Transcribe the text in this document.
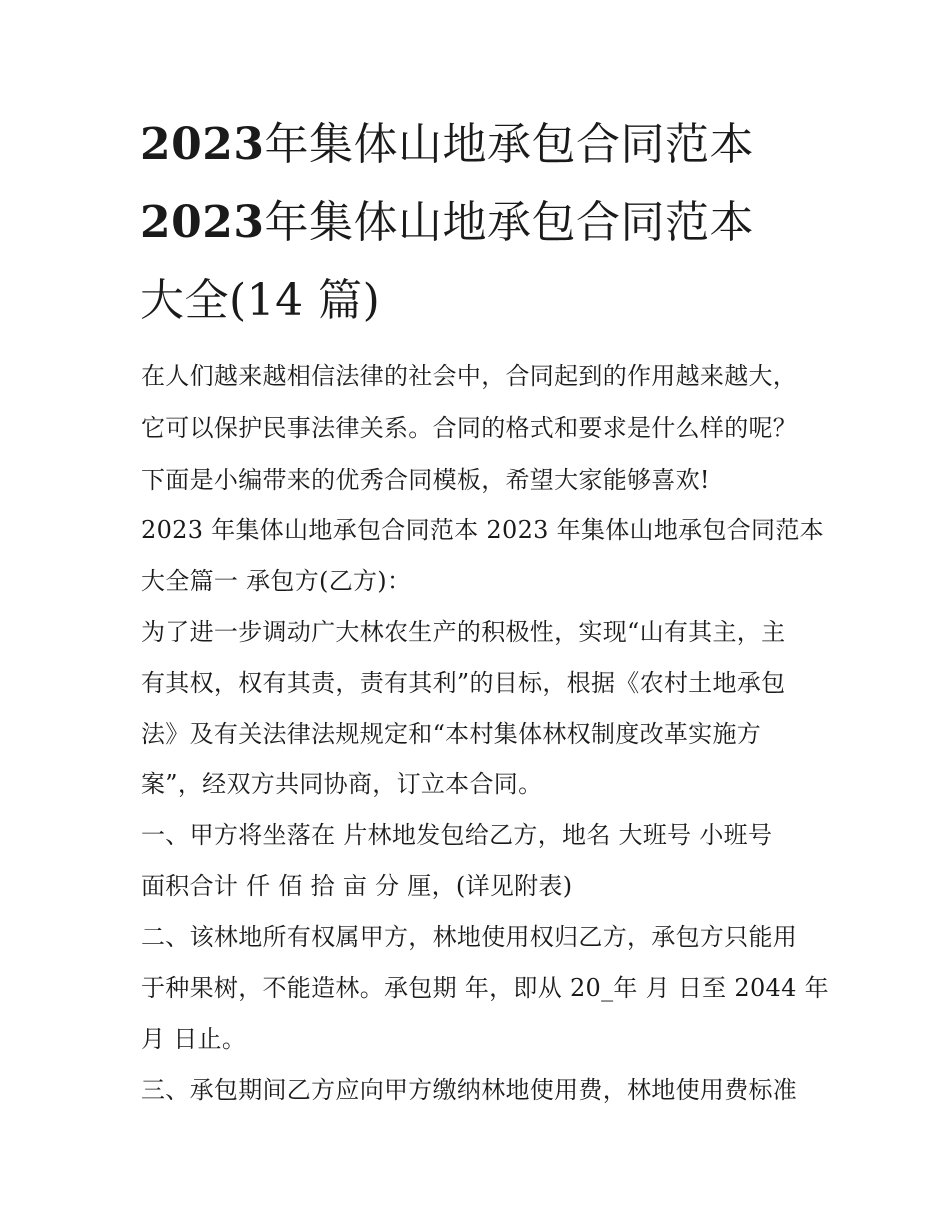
2023年集体山地承包合同范本
2023年集体山地承包合同范本
大全(14 篇)

在人们越来越相信法律的社会中，合同起到的作用越来越大，

它可以保护民事法律关系。合同的格式和要求是什么样的呢？

下面是小编带来的优秀合同模板，希望大家能够喜欢!

2023 年集体山地承包合同范本 2023 年集体山地承包合同范本

大全篇一 承包方(乙方)：

为了进一步调动广大林农生产的积极性，实现“山有其主，主

有其权，权有其责，责有其利”的目标，根据《农村土地承包

法》及有关法律法规规定和“本村集体林权制度改革实施方

案”，经双方共同协商，订立本合同。

一、甲方将坐落在 片林地发包给乙方，地名 大班号 小班号

面积合计 仟 佰 拾 亩 分 厘，(详见附表)

二、该林地所有权属甲方，林地使用权归乙方，承包方只能用

于种果树，不能造林。承包期 年，即从 20_年 月 日至 2044 年

月 日止。

三、承包期间乙方应向甲方缴纳林地使用费，林地使用费标准
